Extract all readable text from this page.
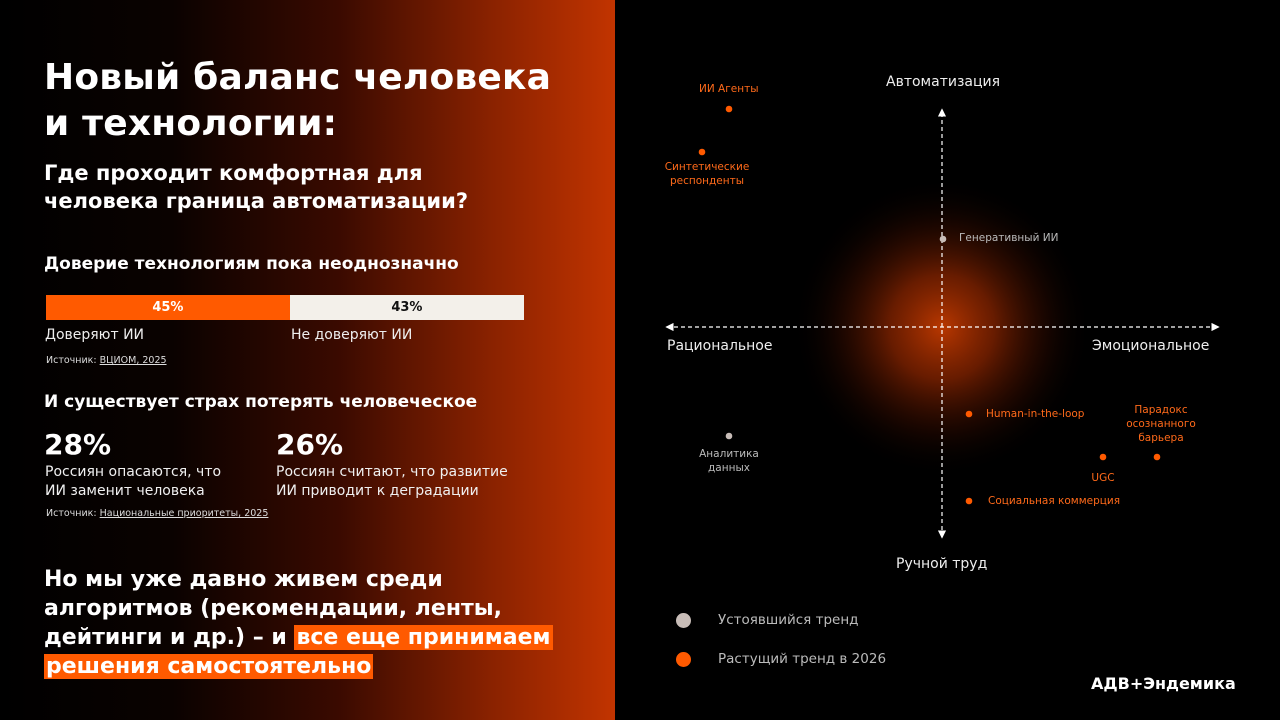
Новый баланс человека
и технологии:
Где проходит комфортная для
человека граница автоматизации?
Доверие технологиям пока неоднозначно
45%	43%
Доверяют ИИ	Не доверяют ИИ
Источник: ВЦИОМ, 2025
И существует страх потерять человеческое
28%
Россиян опасаются, что
ИИ заменит человека
26%
Россиян считают, что развитие
ИИ приводит к деградации
Источник: Национальные приоритеты, 2025
Но мы уже давно живем среди
алгоритмов (рекомендации, ленты,
дейтинги и др.) – и все еще принимаем
решения самостоятельно
Автоматизация
Ручной труд
Рациональное	Эмоциональное
ИИ Агенты
Синтетические
респонденты
Генеративный ИИ
Human-in-the-loop	Парадокс
осознанного
барьера
UGC
Социальная коммерция
Аналитика
данных
Устоявшийся тренд
Растущий тренд в 2026
АДВ+Эндемика
